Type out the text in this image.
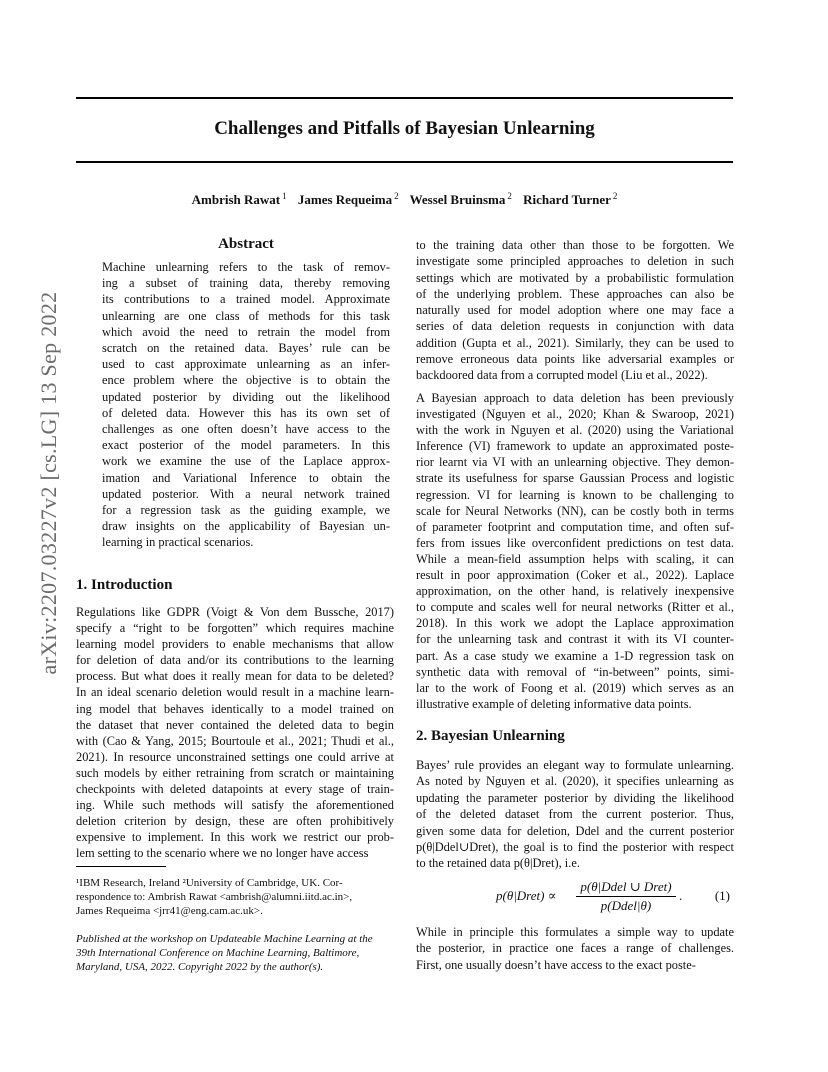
Challenges and Pitfalls of Bayesian Unlearning
Ambrish Rawat $^1$ James Requeima $^2$ Wessel Bruinsma $^2$ Richard Turner $^2$
arXiv:2207.03227v2 [cs.LG] 13 Sep 2022
Abstract
Machine unlearning refers to the task of remov-
ing a subset of training data, thereby removing
its contributions to a trained model. Approximate
unlearning are one class of methods for this task
which avoid the need to retrain the model from
scratch on the retained data. Bayes’ rule can be
used to cast approximate unlearning as an infer-
ence problem where the objective is to obtain the
updated posterior by dividing out the likelihood
of deleted data. However this has its own set of
challenges as one often doesn’t have access to the
exact posterior of the model parameters. In this
work we examine the use of the Laplace approx-
imation and Variational Inference to obtain the
updated posterior. With a neural network trained
for a regression task as the guiding example, we
draw insights on the applicability of Bayesian un-
learning in practical scenarios.
1. Introduction
Regulations like GDPR (Voigt & Von dem Bussche, 2017)
specify a “right to be forgotten” which requires machine
learning model providers to enable mechanisms that allow
for deletion of data and/or its contributions to the learning
process. But what does it really mean for data to be deleted?
In an ideal scenario deletion would result in a machine learn-
ing model that behaves identically to a model trained on
the dataset that never contained the deleted data to begin
with (Cao & Yang, 2015; Bourtoule et al., 2021; Thudi et al.,
2021). In resource unconstrained settings one could arrive at
such models by either retraining from scratch or maintaining
checkpoints with deleted datapoints at every stage of train-
ing. While such methods will satisfy the aforementioned
deletion criterion by design, these are often prohibitively
expensive to implement. In this work we restrict our prob-
lem setting to the scenario where we no longer have access
¹IBM Research, Ireland ²University of Cambridge, UK. Cor-
respondence to: Ambrish Rawat <ambrish@alumni.iitd.ac.in>,
James Requeima <jrr41@eng.cam.ac.uk>.
Published at the workshop on Updateable Machine Learning at the
39th International Conference on Machine Learning, Baltimore,
Maryland, USA, 2022. Copyright 2022 by the author(s).
to the training data other than those to be forgotten. We
investigate some principled approaches to deletion in such
settings which are motivated by a probabilistic formulation
of the underlying problem. These approaches can also be
naturally used for model adoption where one may face a
series of data deletion requests in conjunction with data
addition (Gupta et al., 2021). Similarly, they can be used to
remove erroneous data points like adversarial examples or
backdoored data from a corrupted model (Liu et al., 2022).
A Bayesian approach to data deletion has been previously
investigated (Nguyen et al., 2020; Khan & Swaroop, 2021)
with the work in Nguyen et al. (2020) using the Variational
Inference (VI) framework to update an approximated poste-
rior learnt via VI with an unlearning objective. They demon-
strate its usefulness for sparse Gaussian Process and logistic
regression. VI for learning is known to be challenging to
scale for Neural Networks (NN), can be costly both in terms
of parameter footprint and computation time, and often suf-
fers from issues like overconfident predictions on test data.
While a mean-field assumption helps with scaling, it can
result in poor approximation (Coker et al., 2022). Laplace
approximation, on the other hand, is relatively inexpensive
to compute and scales well for neural networks (Ritter et al.,
2018). In this work we adopt the Laplace approximation
for the unlearning task and contrast it with its VI counter-
part. As a case study we examine a 1-D regression task on
synthetic data with removal of “in-between” points, simi-
lar to the work of Foong et al. (2019) which serves as an
illustrative example of deleting informative data points.
2. Bayesian Unlearning
Bayes’ rule provides an elegant way to formulate unlearning.
As noted by Nguyen et al. (2020), it specifies unlearning as
updating the parameter posterior by dividing the likelihood
of the deleted dataset from the current posterior. Thus,
given some data for deletion, Ddel and the current posterior
p(θ|Ddel∪Dret), the goal is to find the posterior with respect
to the retained data p(θ|Dret), i.e.
p(θ|Dret) ∝
p(θ|Ddel ∪ Dret)
p(Ddel|θ)
.	(1)
While in principle this formulates a simple way to update
the posterior, in practice one faces a range of challenges.
First, one usually doesn’t have access to the exact poste-
